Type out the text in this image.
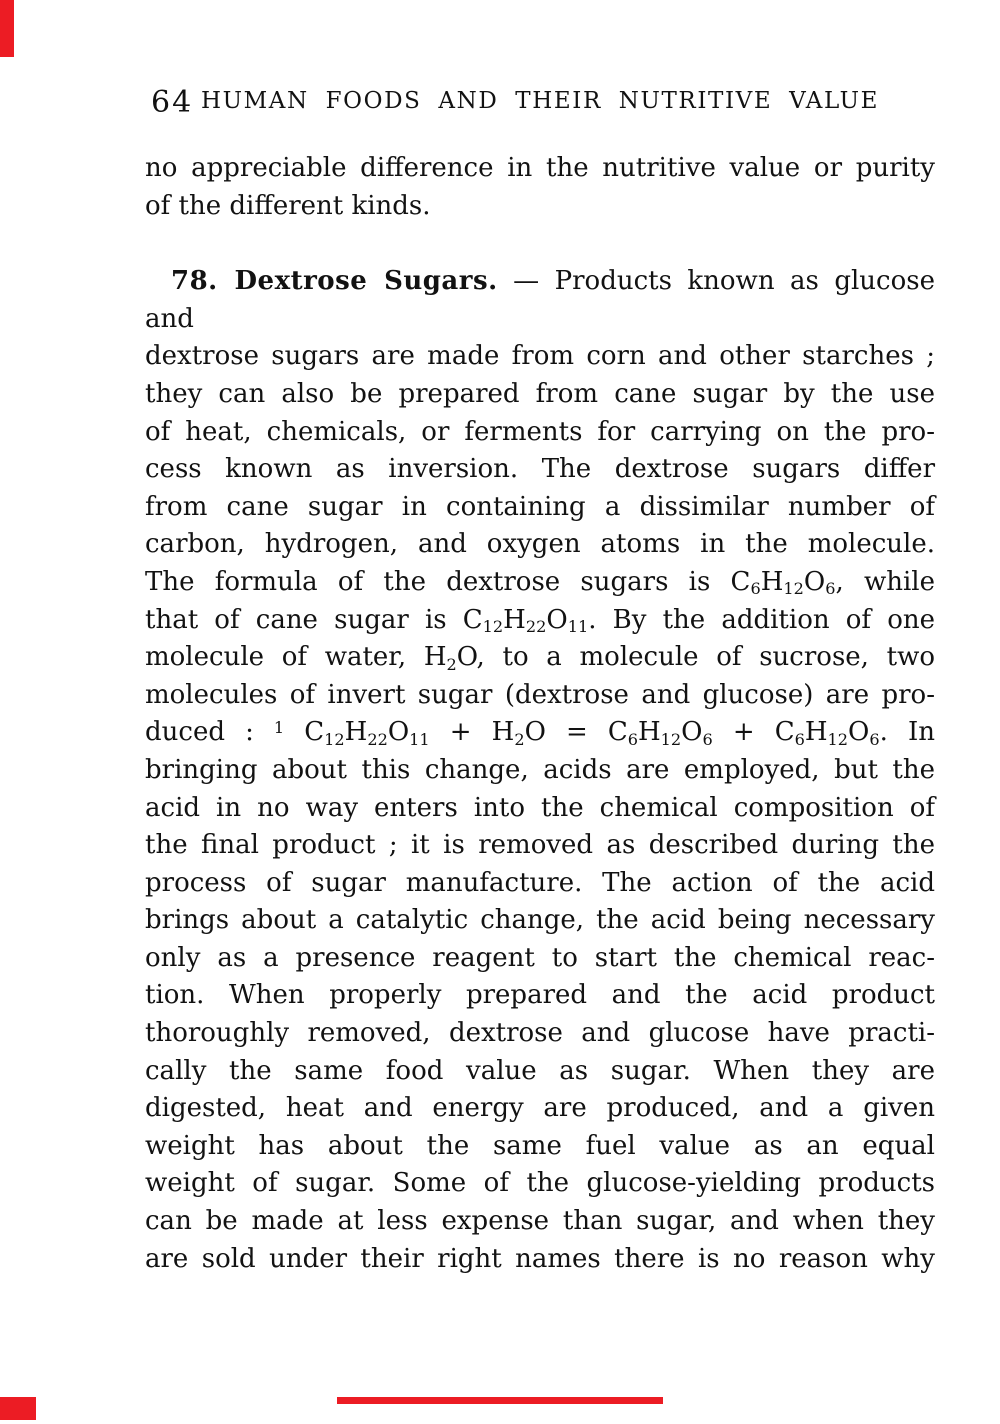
64 HUMAN FOODS AND THEIR NUTRITIVE VALUE
no appreciable difference in the nutritive value or purity
of the different kinds.
78. Dextrose Sugars. — Products known as glucose and
dextrose sugars are made from corn and other starches ;
they can also be prepared from cane sugar by the use
of heat, chemicals, or ferments for carrying on the pro-
cess known as inversion. The dextrose sugars differ
from cane sugar in containing a dissimilar number of
carbon, hydrogen, and oxygen atoms in the molecule.
The formula of the dextrose sugars is $C_6H_{12}O_6$, while
that of cane sugar is $C_{12}H_{22}O_{11}$. By the addition of one
molecule of water, $H_2O$, to a molecule of sucrose, two
molecules of invert sugar (dextrose and glucose) are pro-
duced : $^1$ $C_{12}H_{22}O_{11} + H_2O = C_6H_{12}O_6 + C_6H_{12}O_6$. In
bringing about this change, acids are employed, but the
acid in no way enters into the chemical composition of
the final product ; it is removed as described during the
process of sugar manufacture. The action of the acid
brings about a catalytic change, the acid being necessary
only as a presence reagent to start the chemical reac-
tion. When properly prepared and the acid product
thoroughly removed, dextrose and glucose have practi-
cally the same food value as sugar. When they are
digested, heat and energy are produced, and a given
weight has about the same fuel value as an equal
weight of sugar. Some of the glucose-yielding products
can be made at less expense than sugar, and when they
are sold under their right names there is no reason why
